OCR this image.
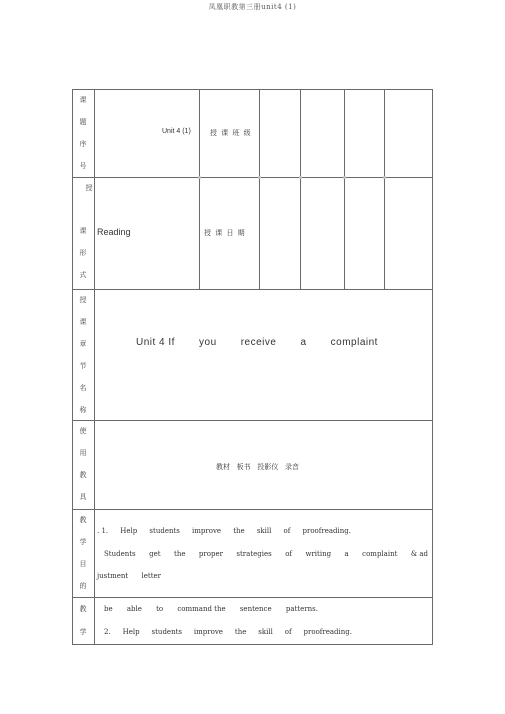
凤凰职教第三册unit4 (1)
课
题
序
号
Unit 4 (1)	授 课 班 级
授
课
形
式
Reading	授 课 日 期
授
课
章
节
名
称
Unit 4 If you receive a complaint
使
用
教
具
教材   板书   投影仪   录音
教
学
目
的
. 1. Help students improve the skill of proofreading.
Students get the proper strategies of writing a complaint & ad
justment letter
教
学
be able to command the sentence patterns.
2. Help students improve the skill of proofreading.
